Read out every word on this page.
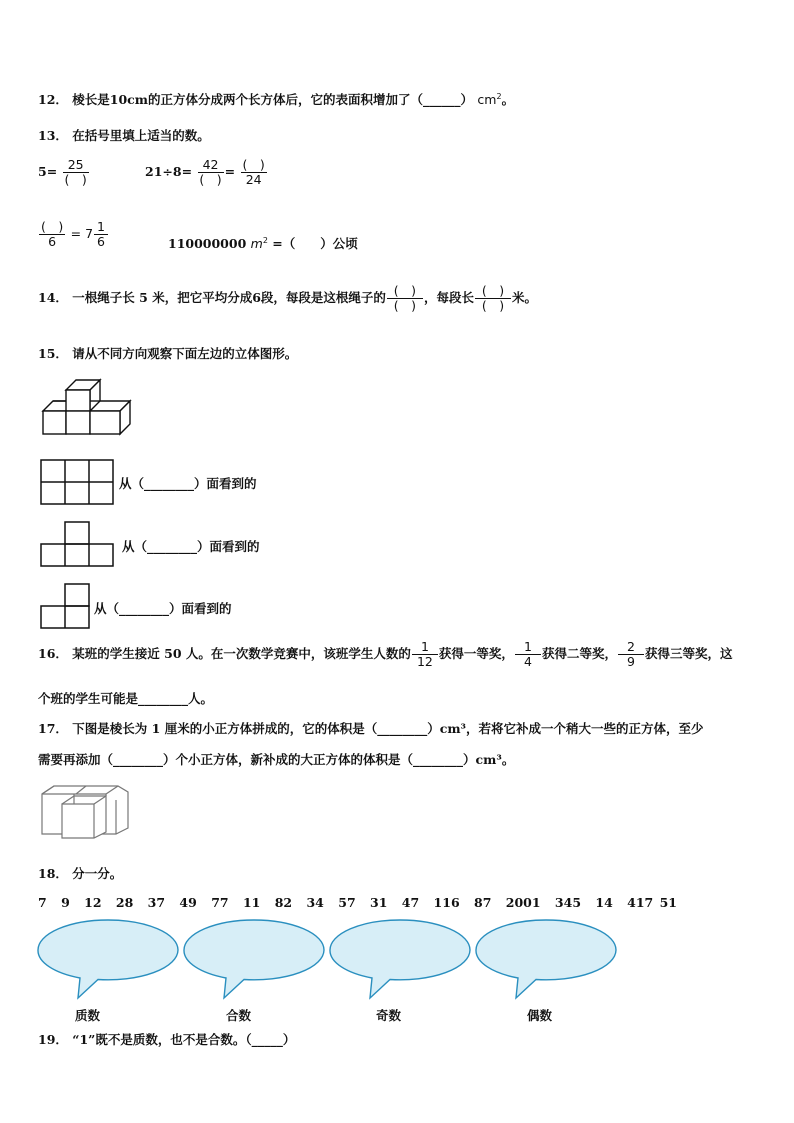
12． 棱长是10cm的正方体分成两个长方体后，它的表面积增加了（______） $cm^2$。
13． 在括号里填上适当的数。
$5= \frac{25}{( )}$	$21\div 8= \frac{42}{( )} = \frac{( )}{24}$
$\frac{( )}{6} = 7 \frac{1}{6}$	110000000 $m^2$ =（　　）公顷
14． 一根绳子长 5 米，把它平均分成6段，每段是这根绳子的 $\frac{( )}{( )}$ ，每段长 $\frac{( )}{( )}$ 米。
15． 请从不同方向观察下面左边的立体图形。
从（________）面看到的
从（________）面看到的
从（________）面看到的
16． 某班的学生接近 50 人。在一次数学竞赛中，该班学生人数的 $\frac{1}{12}$ 获得一等奖， $\frac{1}{4}$ 获得二等奖， $\frac{2}{9}$ 获得三等奖，这
个班的学生可能是________人。
17． 下图是棱长为 1 厘米的小正方体拼成的，它的体积是（________）cm³，若将它补成一个稍大一些的正方体，至少
需要再添加（________）个小正方体，新补成的大正方体的体积是（________）cm³。
18． 分一分。
7 9 12 28 37 49 77 11 82 34 57 31 47 116 87 2001 345 14 417 51
质数	合数	奇数	偶数
19． “1”既不是质数，也不是合数。（_____）
